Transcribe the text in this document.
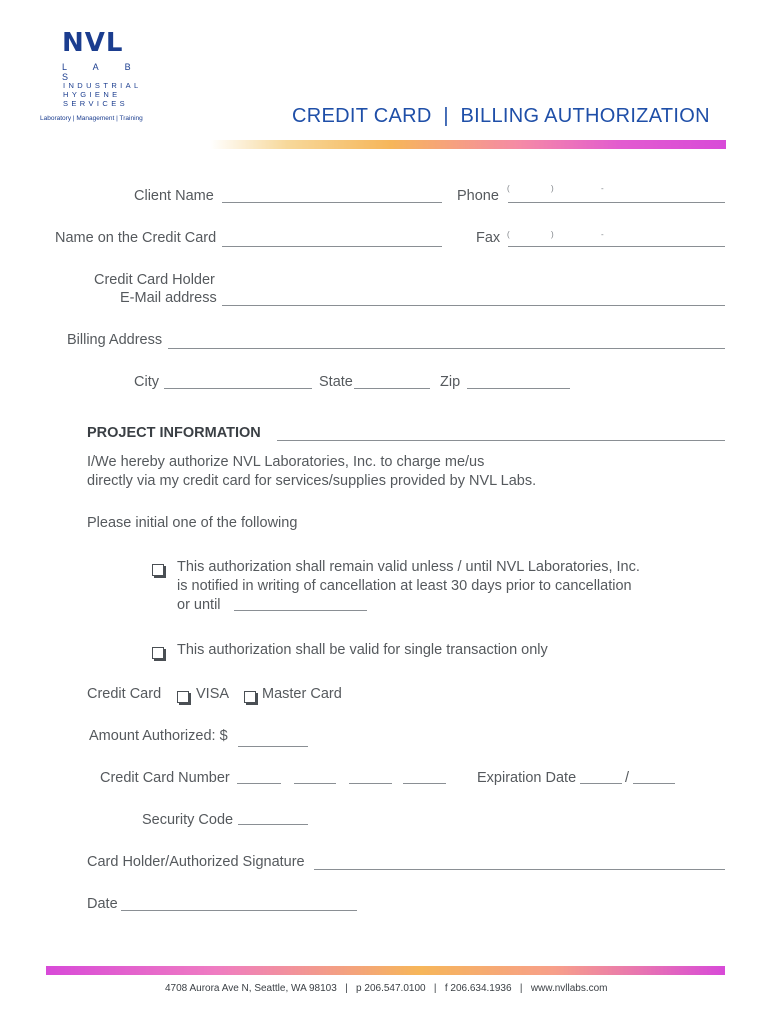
NVL
L A B S
INDUSTRIAL
HYGIENE
SERVICES
Laboratory | Management | Training	CREDIT CARD  |  BILLING AUTHORIZATION
Client Name	Phone (	)	-
Name on the Credit Card	Fax (	)	-
Credit Card Holder
E-Mail address
Billing Address
City	State	Zip
PROJECT INFORMATION
I/We hereby authorize NVL Laboratories, Inc. to charge me/us
directly via my credit card for services/supplies provided by NVL Labs.
Please initial one of the following
This authorization shall remain valid unless / until NVL Laboratories, Inc.
is notified in writing of cancellation at least 30 days prior to cancellation
or until
This authorization shall be valid for single transaction only
Credit Card VISA Master Card
Amount Authorized: $
Credit Card Number	Expiration Date	/
Security Code
Card Holder/Authorized Signature
Date
4708 Aurora Ave N, Seattle, WA 98103   |   p 206.547.0100   |   f 206.634.1936   |   www.nvllabs.com
